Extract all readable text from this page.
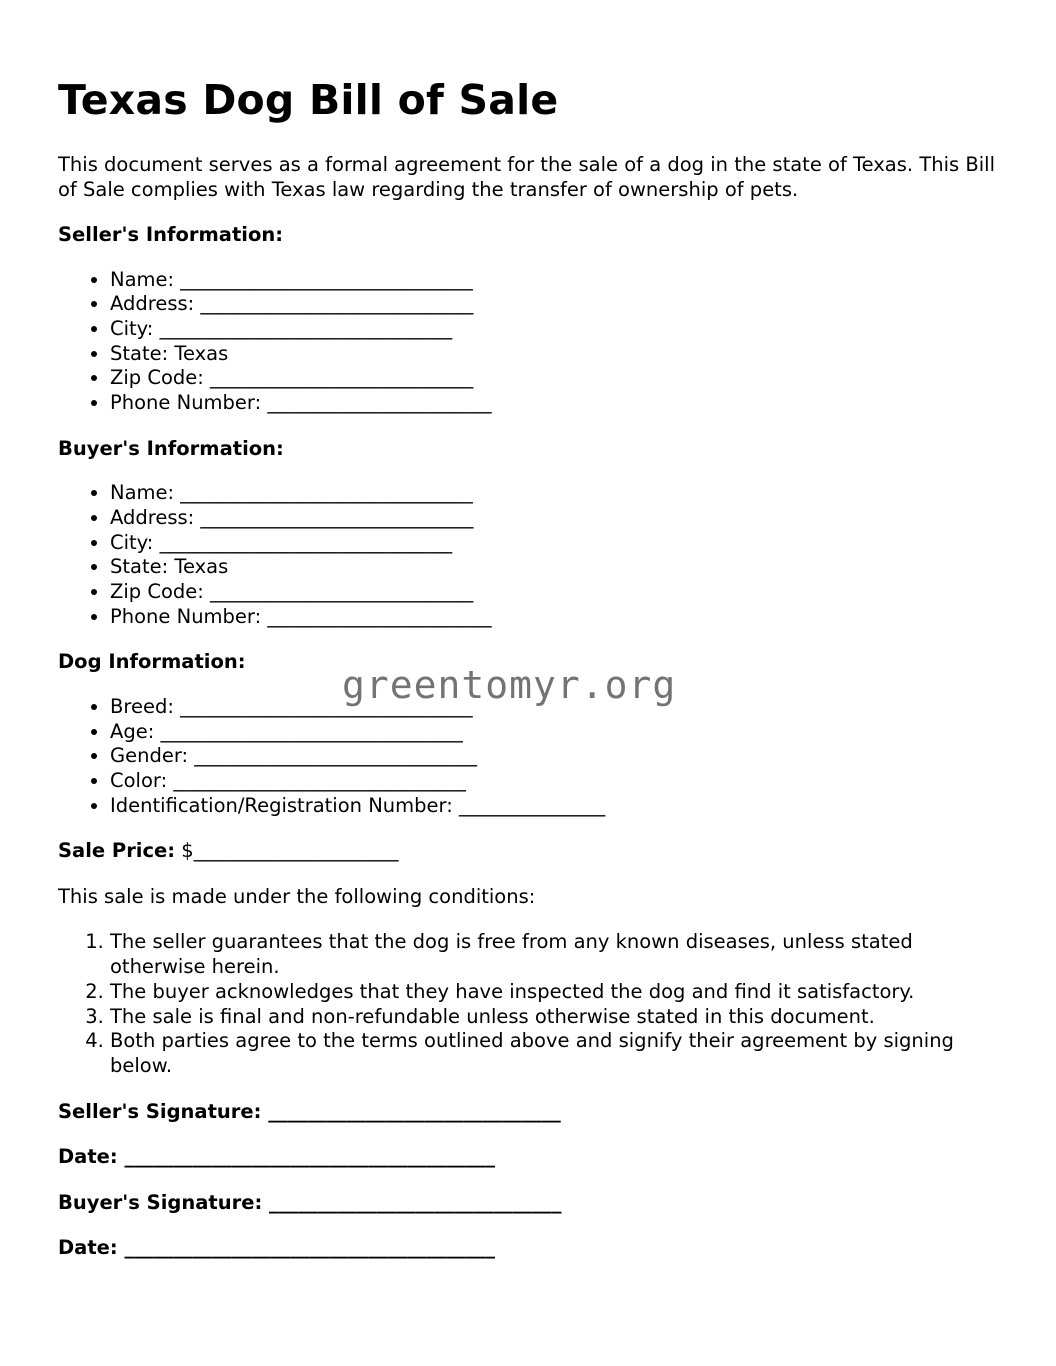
Texas Dog Bill of Sale

This document serves as a formal agreement for the sale of a dog in the state of Texas. This Bill of Sale complies with Texas law regarding the transfer of ownership of pets.

Seller's Information:

• Name: ______________________________
• Address: ____________________________
• City: ______________________________
• State: Texas
• Zip Code: ___________________________
• Phone Number: _______________________

Buyer's Information:

• Name: ______________________________
• Address: ____________________________
• City: ______________________________
• State: Texas
• Zip Code: ___________________________
• Phone Number: _______________________

Dog Information:

• Breed: ______________________________
• Age: _______________________________
• Gender: _____________________________
• Color: ______________________________
• Identification/Registration Number: _______________

Sale Price: $_____________________

This sale is made under the following conditions:

1. The seller guarantees that the dog is free from any known diseases, unless stated otherwise herein.
2. The buyer acknowledges that they have inspected the dog and find it satisfactory.
3. The sale is final and non-refundable unless otherwise stated in this document.
4. Both parties agree to the terms outlined above and signify their agreement by signing below.

Seller's Signature: ______________________________

Date: ______________________________________

Buyer's Signature: ______________________________

Date: ______________________________________

greentomyr.org
